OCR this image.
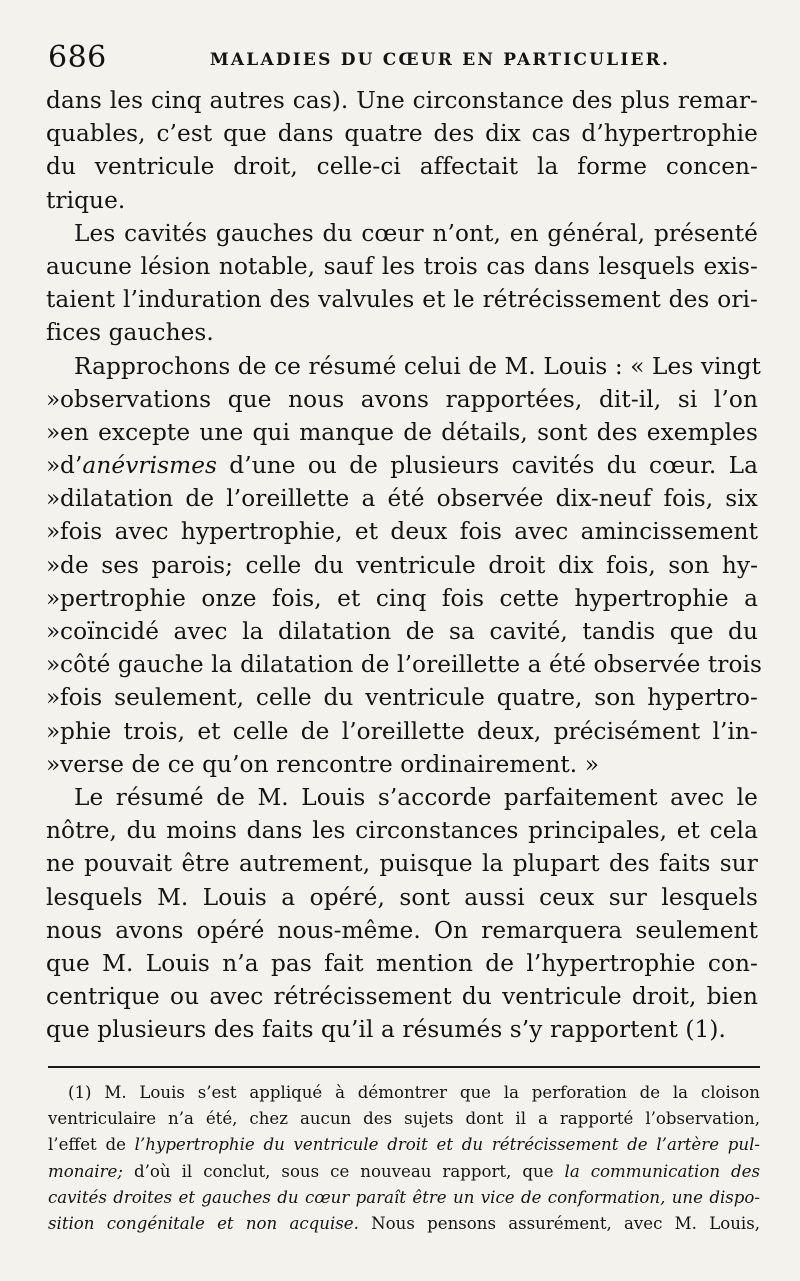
686	MALADIES DU CŒUR EN PARTICULIER.
dans les cinq autres cas). Une circonstance des plus remar-
quables, c’est que dans quatre des dix cas d’hypertrophie
du ventricule droit, celle-ci affectait la forme concen-
trique.
Les cavités gauches du cœur n’ont, en général, présenté
aucune lésion notable, sauf les trois cas dans lesquels exis-
taient l’induration des valvules et le rétrécissement des ori-
fices gauches.
Rapprochons de ce résumé celui de M. Louis : « Les vingt
»observations que nous avons rapportées, dit-il, si l’on
»en excepte une qui manque de détails, sont des exemples
»d’anévrismes d’une ou de plusieurs cavités du cœur. La
»dilatation de l’oreillette a été observée dix-neuf fois, six
»fois avec hypertrophie, et deux fois avec amincissement
»de ses parois; celle du ventricule droit dix fois, son hy-
»pertrophie onze fois, et cinq fois cette hypertrophie a
»coïncidé avec la dilatation de sa cavité, tandis que du
»côté gauche la dilatation de l’oreillette a été observée trois
»fois seulement, celle du ventricule quatre, son hypertro-
»phie trois, et celle de l’oreillette deux, précisément l’in-
»verse de ce qu’on rencontre ordinairement. »
Le résumé de M. Louis s’accorde parfaitement avec le
nôtre, du moins dans les circonstances principales, et cela
ne pouvait être autrement, puisque la plupart des faits sur
lesquels M. Louis a opéré, sont aussi ceux sur lesquels
nous avons opéré nous-même. On remarquera seulement
que M. Louis n’a pas fait mention de l’hypertrophie con-
centrique ou avec rétrécissement du ventricule droit, bien
que plusieurs des faits qu’il a résumés s’y rapportent (1).
(1) M. Louis s’est appliqué à démontrer que la perforation de la cloison
ventriculaire n’a été, chez aucun des sujets dont il a rapporté l’observation,
l’effet de l’hypertrophie du ventricule droit et du rétrécissement de l’artère pul-
monaire; d’où il conclut, sous ce nouveau rapport, que la communication des
cavités droites et gauches du cœur paraît être un vice de conformation, une dispo-
sition congénitale et non acquise. Nous pensons assurément, avec M. Louis,
